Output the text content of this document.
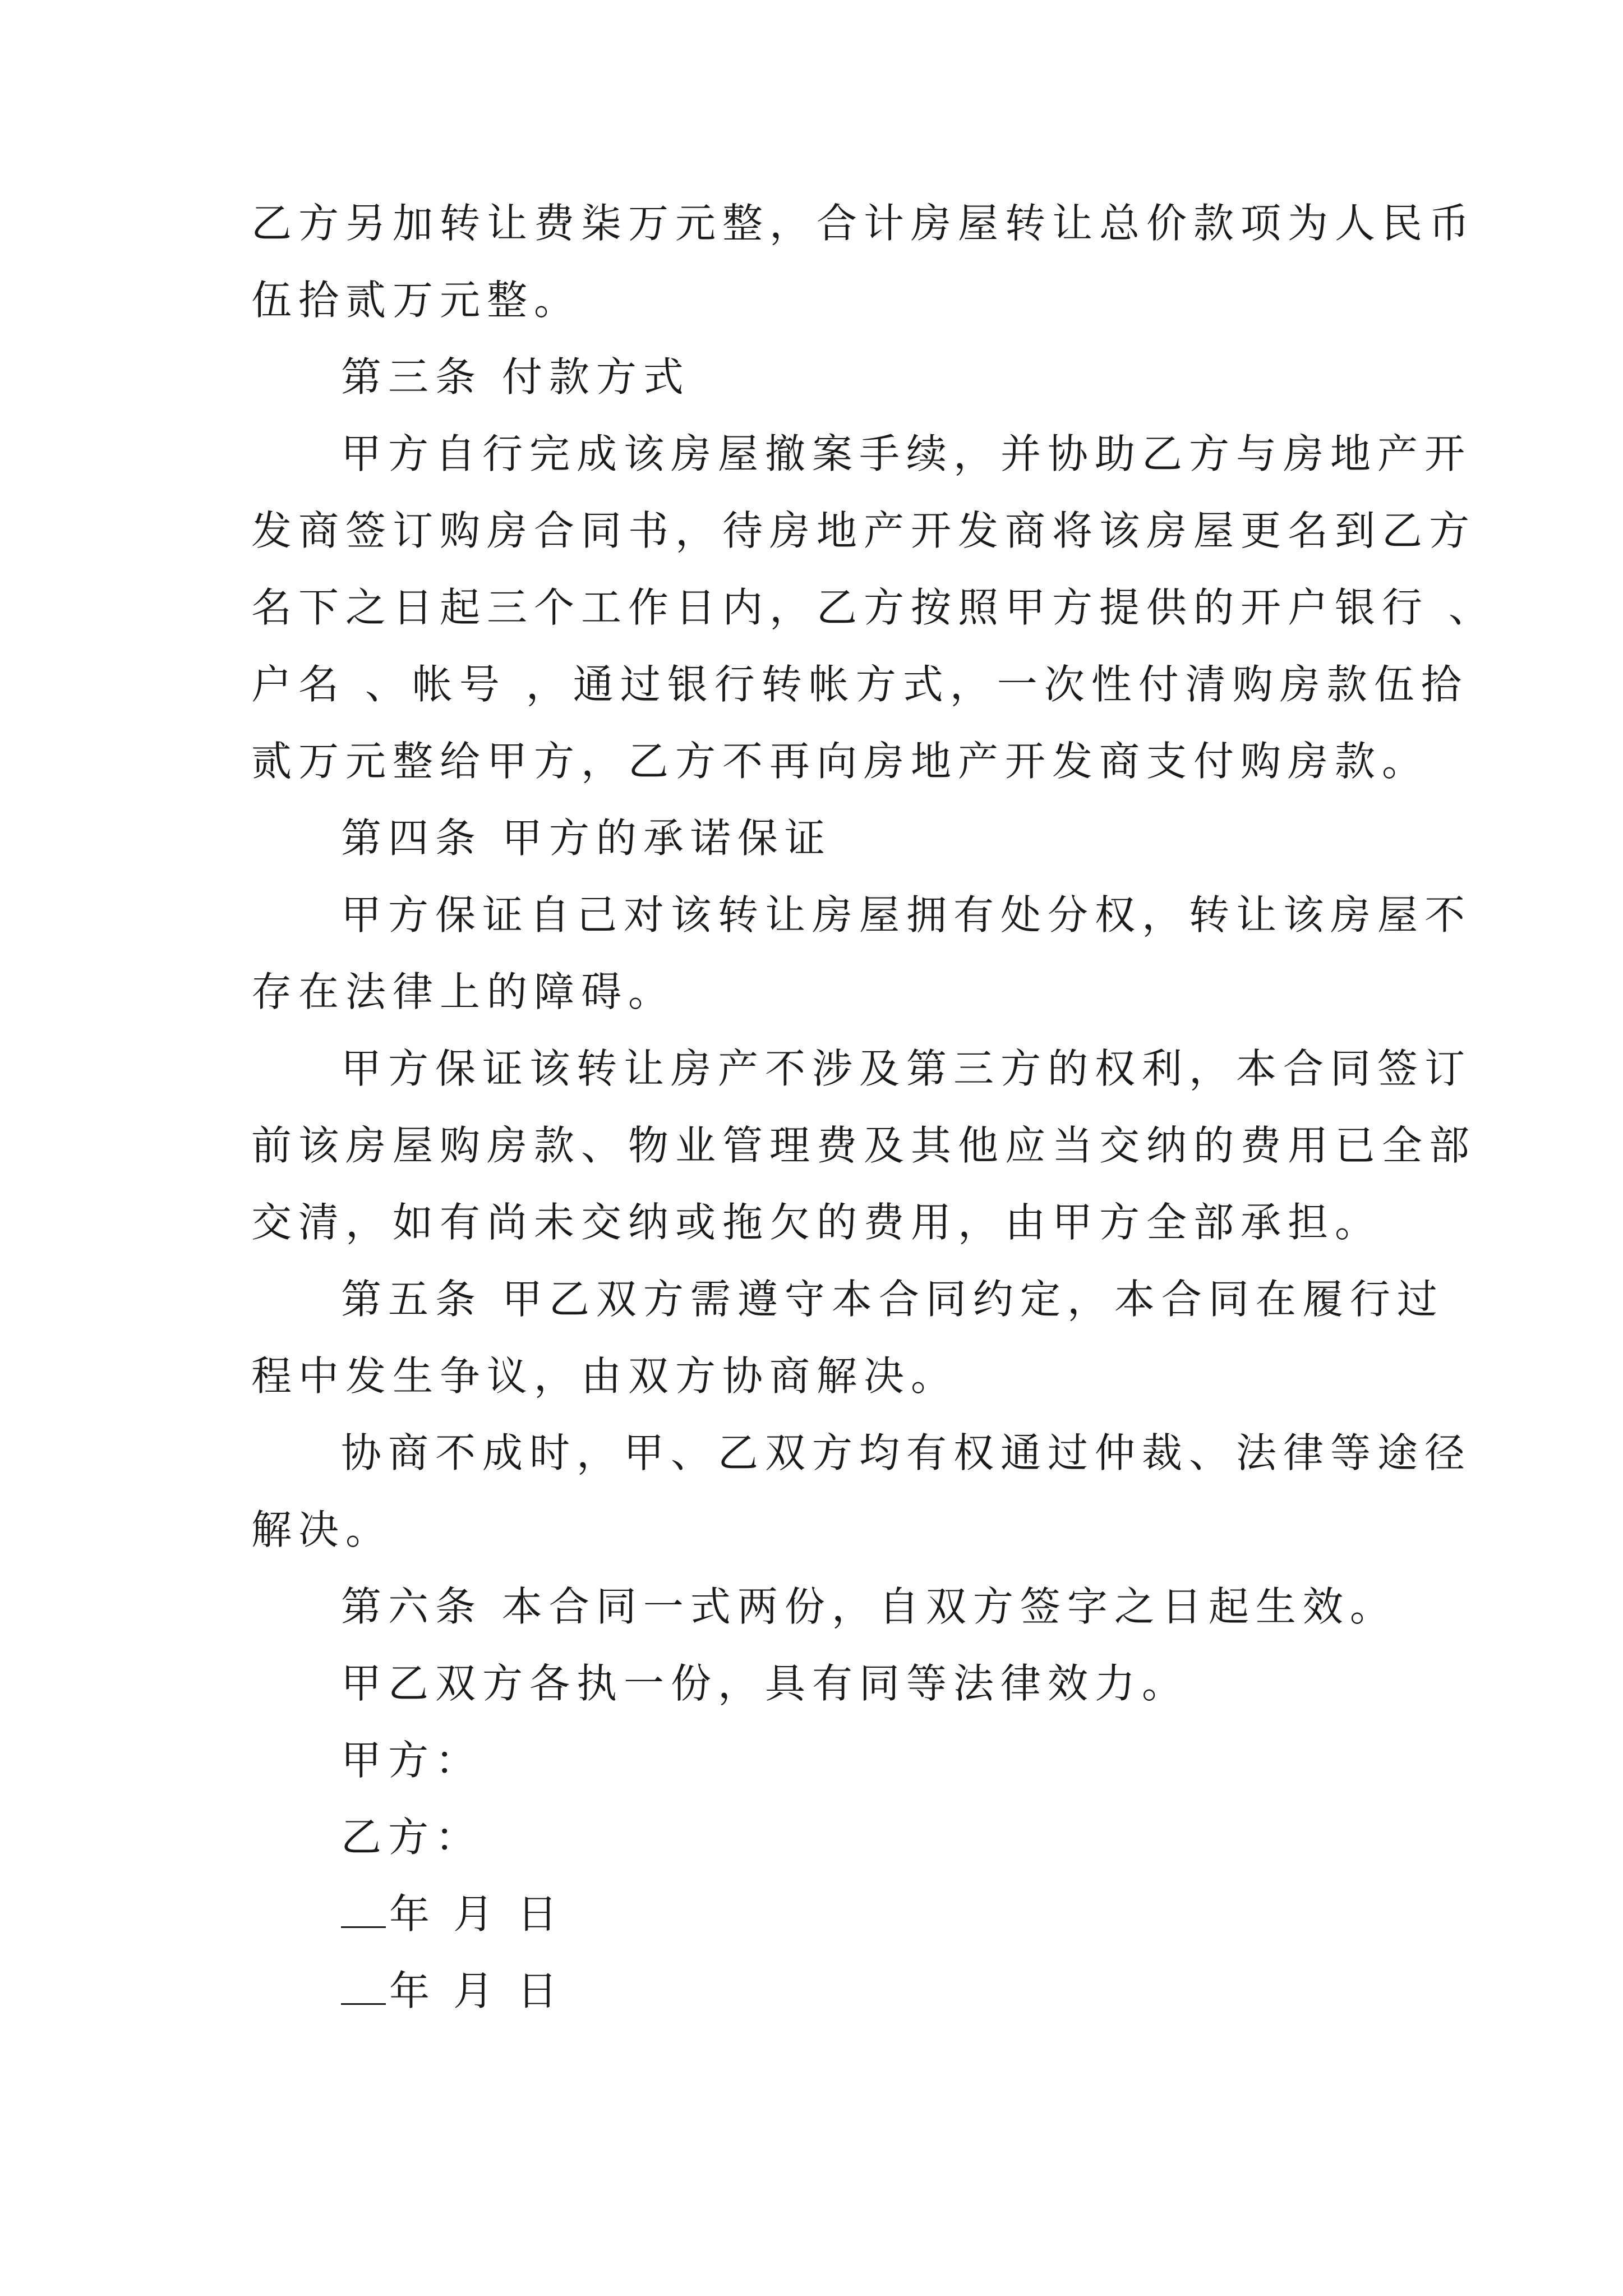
乙方另加转让费柒万元整，合计房屋转让总价款项为人民币
伍拾贰万元整。
第三条 付款方式
甲方自行完成该房屋撤案手续，并协助乙方与房地产开
发商签订购房合同书，待房地产开发商将该房屋更名到乙方
名下之日起三个工作日内，乙方按照甲方提供的开户银行 、
户名 、帐号 ，通过银行转帐方式，一次性付清购房款伍拾
贰万元整给甲方，乙方不再向房地产开发商支付购房款。
第四条 甲方的承诺保证
甲方保证自己对该转让房屋拥有处分权，转让该房屋不
存在法律上的障碍。
甲方保证该转让房产不涉及第三方的权利，本合同签订
前该房屋购房款、物业管理费及其他应当交纳的费用已全部
交清，如有尚未交纳或拖欠的费用，由甲方全部承担。
第五条 甲乙双方需遵守本合同约定，本合同在履行过
程中发生争议，由双方协商解决。
协商不成时，甲、乙双方均有权通过仲裁、法律等途径
解决。
第六条 本合同一式两份，自双方签字之日起生效。
甲乙双方各执一份，具有同等法律效力。
甲方：
乙方：
年 月 日
年 月 日
